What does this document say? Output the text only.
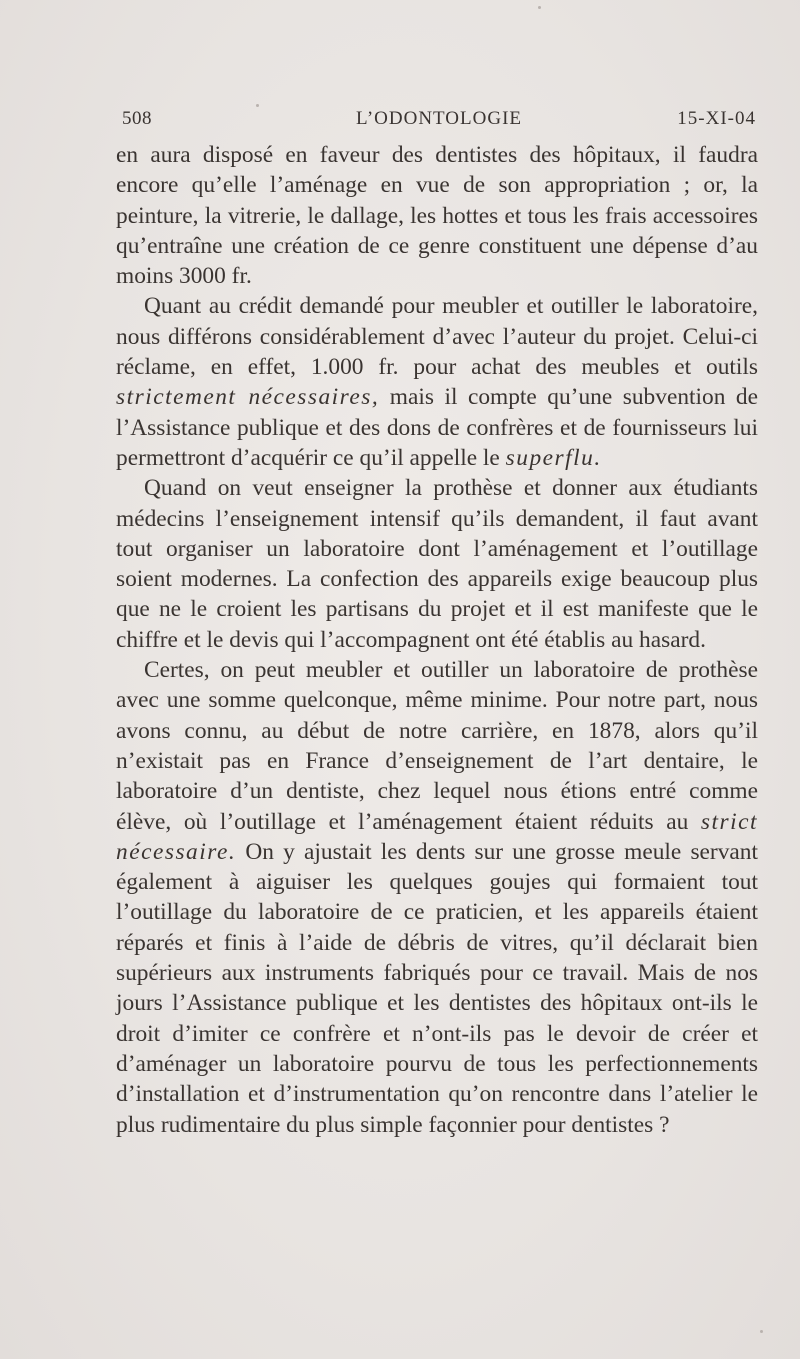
508	L’ODONTOLOGIE	15-XI-04

en aura disposé en faveur des dentistes des hôpitaux, il faudra encore qu’elle l’aménage en vue de son appropriation ; or, la peinture, la vitrerie, le dallage, les hottes et tous les frais accessoires qu’entraîne une création de ce genre constituent une dépense d’au moins 3000 fr.

Quant au crédit demandé pour meubler et outiller le laboratoire, nous différons considérablement d’avec l’auteur du projet. Celui-ci réclame, en effet, 1.000 fr. pour achat des meubles et outils strictement nécessaires, mais il compte qu’une subvention de l’Assistance publique et des dons de confrères et de fournisseurs lui permettront d’acquérir ce qu’il appelle le superflu.

Quand on veut enseigner la prothèse et donner aux étudiants médecins l’enseignement intensif qu’ils demandent, il faut avant tout organiser un laboratoire dont l’aménagement et l’outillage soient modernes. La confection des appareils exige beaucoup plus que ne le croient les partisans du projet et il est manifeste que le chiffre et le devis qui l’accompagnent ont été établis au hasard.

Certes, on peut meubler et outiller un laboratoire de prothèse avec une somme quelconque, même minime. Pour notre part, nous avons connu, au début de notre carrière, en 1878, alors qu’il n’existait pas en France d’enseignement de l’art dentaire, le laboratoire d’un dentiste, chez lequel nous étions entré comme élève, où l’outillage et l’aménagement étaient réduits au strict nécessaire. On y ajustait les dents sur une grosse meule servant également à aiguiser les quelques goujes qui formaient tout l’outillage du laboratoire de ce praticien, et les appareils étaient réparés et finis à l’aide de débris de vitres, qu’il déclarait bien supérieurs aux instruments fabriqués pour ce travail. Mais de nos jours l’Assistance publique et les dentistes des hôpitaux ont-ils le droit d’imiter ce confrère et n’ont-ils pas le devoir de créer et d’aménager un laboratoire pourvu de tous les perfectionnements d’installation et d’instrumentation qu’on rencontre dans l’atelier le plus rudimentaire du plus simple façonnier pour dentistes ?
